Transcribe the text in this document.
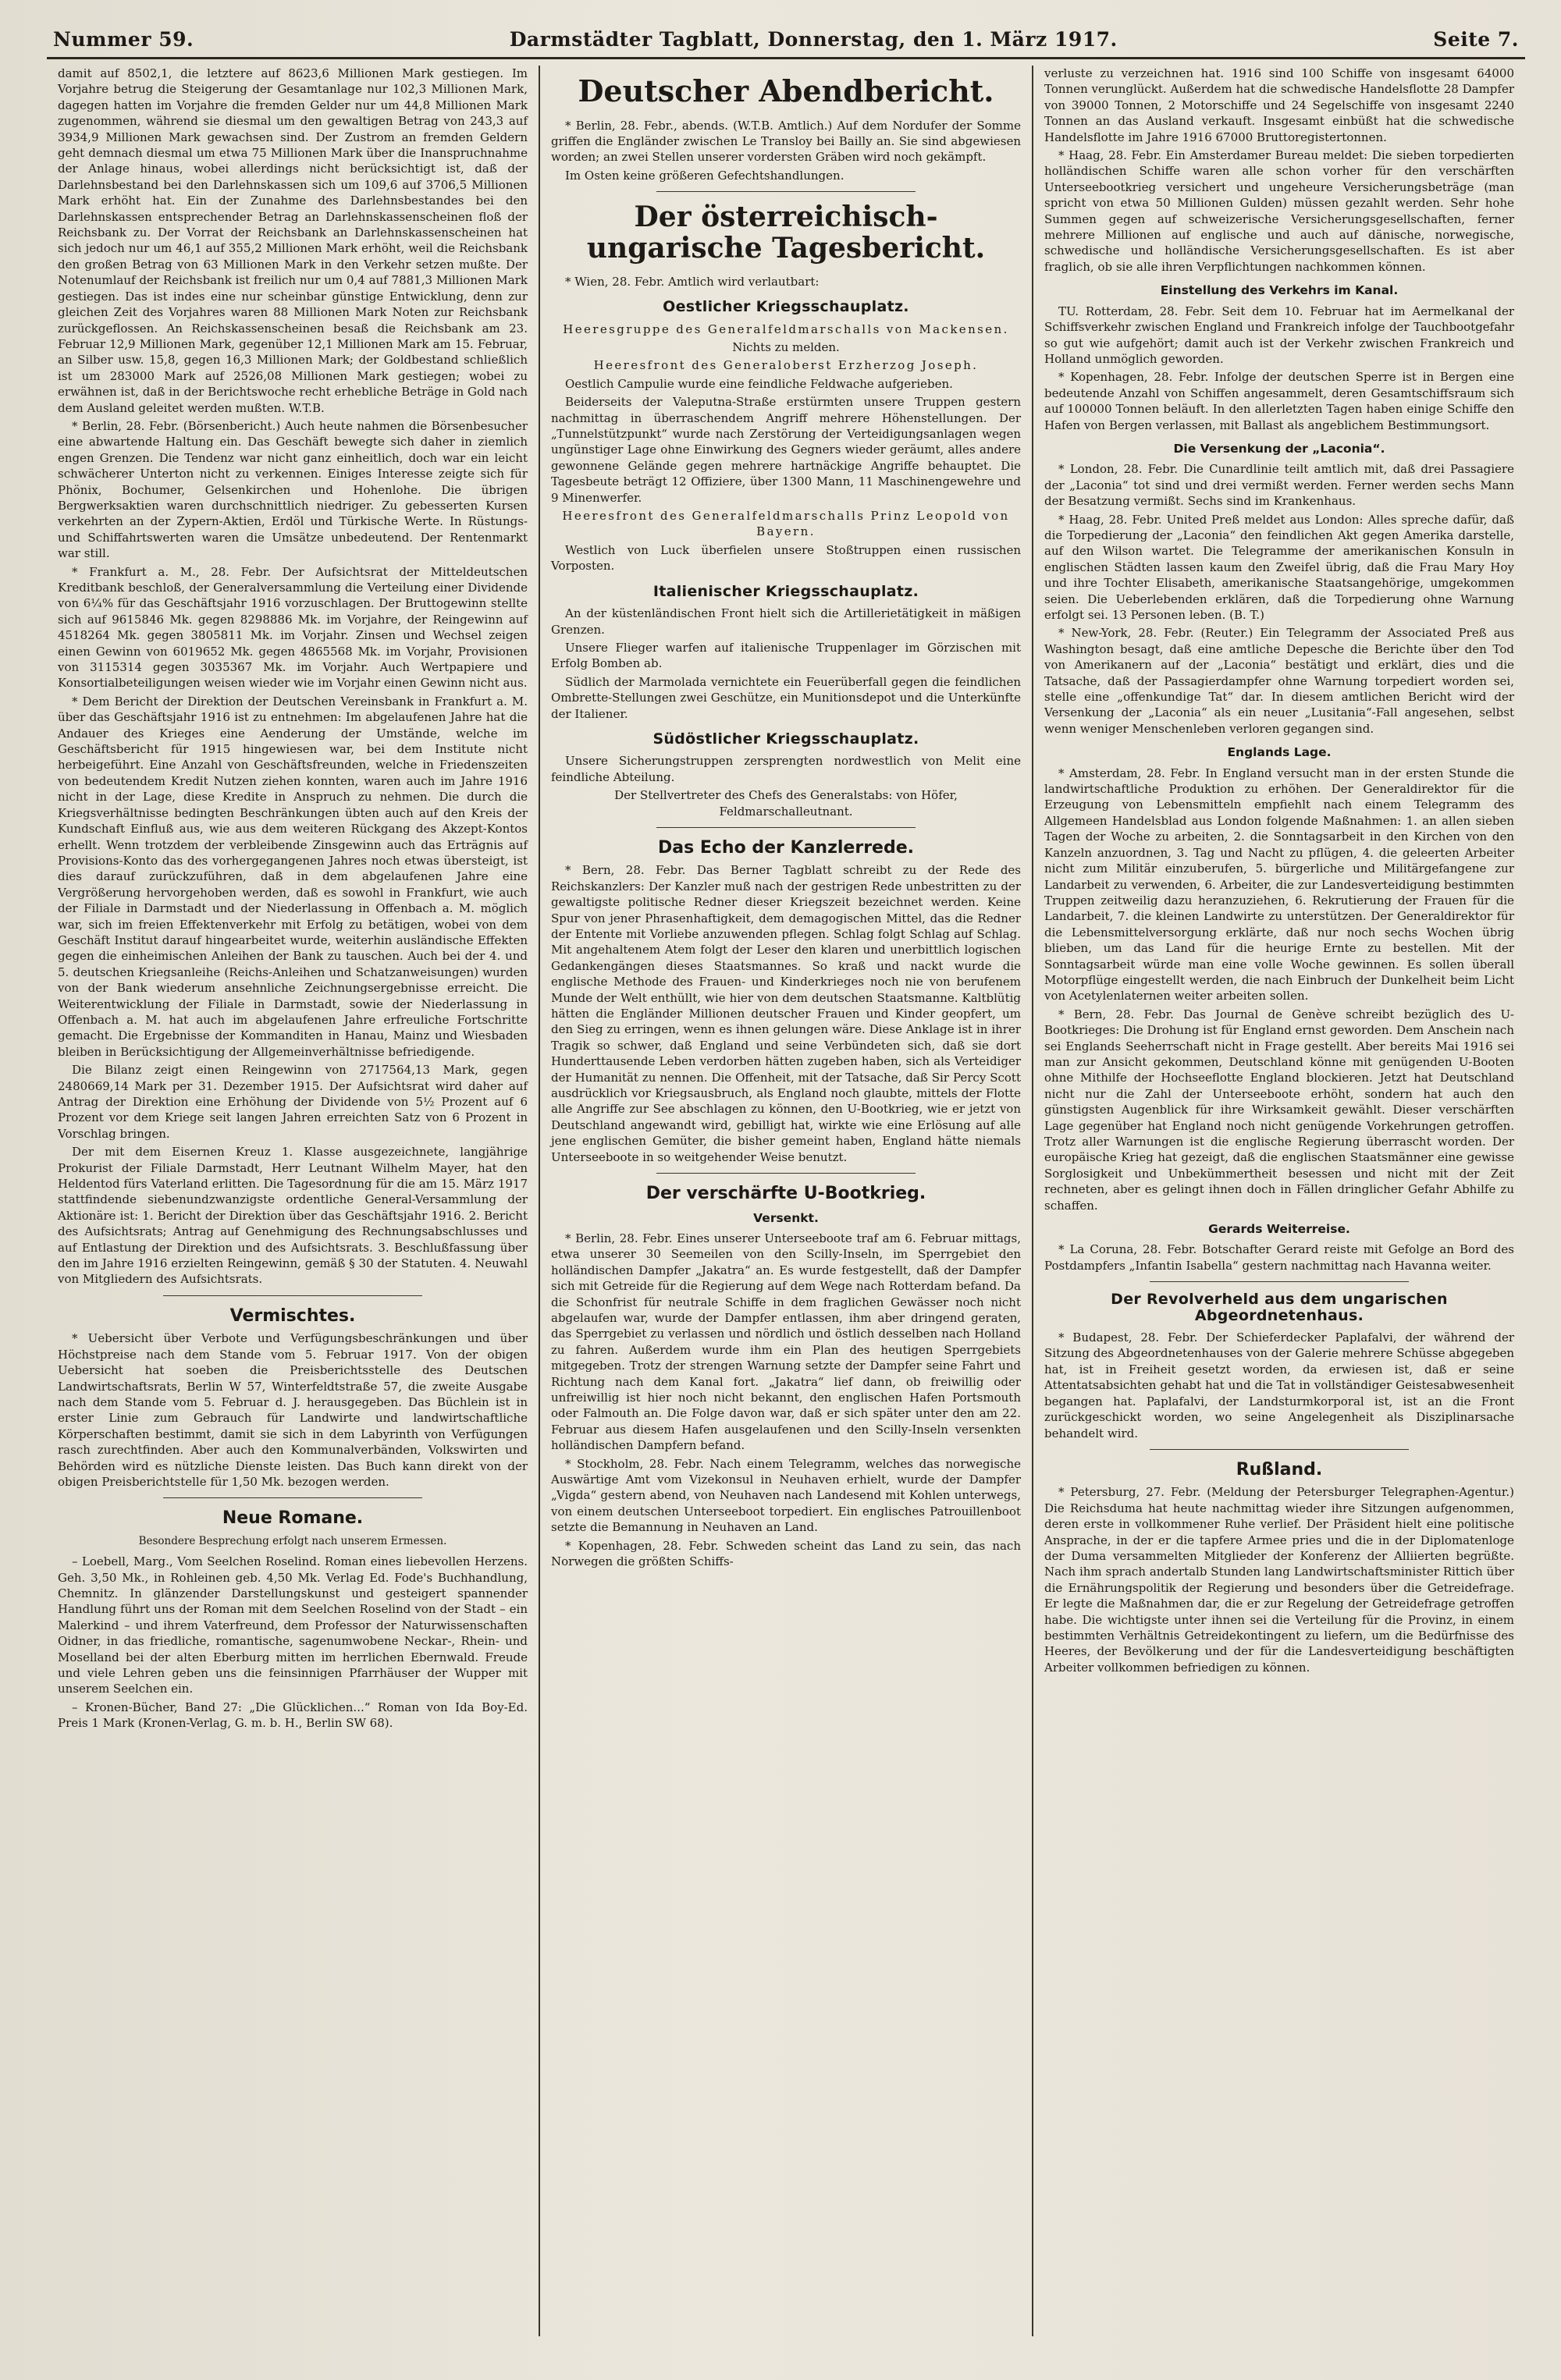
Nummer 59.	Darmstädter Tagblatt, Donnerstag, den 1. März 1917.	Seite 7.

damit auf 8502,1, die letztere auf 8623,6 Millionen Mark gestiegen. Im Vorjahre betrug die Steigerung der Gesamtanlage nur 102,3 Millionen Mark, dagegen hatten im Vorjahre die fremden Gelder nur um 44,8 Millionen Mark zugenommen, während sie diesmal um den gewaltigen Betrag von 243,3 auf 3934,9 Millionen Mark gewachsen sind. Der Zustrom an fremden Geldern geht demnach diesmal um etwa 75 Millionen Mark über die Inanspruchnahme der Anlage hinaus, wobei allerdings nicht berücksichtigt ist, daß der Darlehnsbestand bei den Darlehnskassen sich um 109,6 auf 3706,5 Millionen Mark erhöht hat. Ein der Zunahme des Darlehnsbestandes bei den Darlehnskassen entsprechender Betrag an Darlehnskassenscheinen floß der Reichsbank zu. Der Vorrat der Reichsbank an Darlehnskassenscheinen hat sich jedoch nur um 46,1 auf 355,2 Millionen Mark erhöht, weil die Reichsbank den großen Betrag von 63 Millionen Mark in den Verkehr setzen mußte. Der Notenumlauf der Reichsbank ist freilich nur um 0,4 auf 7881,3 Millionen Mark gestiegen. Das ist indes eine nur scheinbar günstige Entwicklung, denn zur gleichen Zeit des Vorjahres waren 88 Millionen Mark Noten zur Reichsbank zurückgeflossen. An Reichskassenscheinen besaß die Reichsbank am 23. Februar 12,9 Millionen Mark, gegenüber 12,1 Millionen Mark am 15. Februar, an Silber usw. 15,8, gegen 16,3 Millionen Mark; der Goldbestand schließlich ist um 283000 Mark auf 2526,08 Millionen Mark gestiegen; wobei zu erwähnen ist, daß in der Berichtswoche recht erhebliche Beträge in Gold nach dem Ausland geleitet werden mußten. W.T.B.

* Berlin, 28. Febr. (Börsenbericht.) Auch heute nahmen die Börsenbesucher eine abwartende Haltung ein. Das Geschäft bewegte sich daher in ziemlich engen Grenzen. Die Tendenz war nicht ganz einheitlich, doch war ein leicht schwächerer Unterton nicht zu verkennen. Einiges Interesse zeigte sich für Phönix, Bochumer, Gelsenkirchen und Hohenlohe. Die übrigen Bergwerksaktien waren durchschnittlich niedriger. Zu gebesserten Kursen verkehrten an der Zypern-Aktien, Erdöl und Türkische Werte. In Rüstungs- und Schiffahrtswerten waren die Umsätze unbedeutend. Der Rentenmarkt war still.

* Frankfurt a. M., 28. Febr. Der Aufsichtsrat der Mitteldeutschen Kreditbank beschloß, der Generalversammlung die Verteilung einer Dividende von 6¼% für das Geschäftsjahr 1916 vorzuschlagen. Der Bruttogewinn stellte sich auf 9615846 Mk. gegen 8298886 Mk. im Vorjahre, der Reingewinn auf 4518264 Mk. gegen 3805811 Mk. im Vorjahr. Zinsen und Wechsel zeigen einen Gewinn von 6019652 Mk. gegen 4865568 Mk. im Vorjahr, Provisionen von 3115314 gegen 3035367 Mk. im Vorjahr. Auch Wertpapiere und Konsortialbeteiligungen weisen wieder wie im Vorjahr einen Gewinn nicht aus.

* Dem Bericht der Direktion der Deutschen Vereinsbank in Frankfurt a. M. über das Geschäftsjahr 1916 ist zu entnehmen: Im abgelaufenen Jahre hat die Andauer des Krieges eine Aenderung der Umstände, welche im Geschäftsbericht für 1915 hingewiesen war, bei dem Institute nicht herbeigeführt. Eine Anzahl von Geschäftsfreunden, welche in Friedenszeiten von bedeutendem Kredit Nutzen ziehen konnten, waren auch im Jahre 1916 nicht in der Lage, diese Kredite in Anspruch zu nehmen. Die durch die Kriegsverhältnisse bedingten Beschränkungen übten auch auf den Kreis der Kundschaft Einfluß aus, wie aus dem weiteren Rückgang des Akzept-Kontos erhellt. Wenn trotzdem der verbleibende Zinsgewinn auch das Erträgnis auf Provisions-Konto das des vorhergegangenen Jahres noch etwas übersteigt, ist dies darauf zurückzuführen, daß in dem abgelaufenen Jahre eine Vergrößerung hervorgehoben werden, daß es sowohl in Frankfurt, wie auch der Filiale in Darmstadt und der Niederlassung in Offenbach a. M. möglich war, sich im freien Effektenverkehr mit Erfolg zu betätigen, wobei von dem Geschäft Institut darauf hingearbeitet wurde, weiterhin ausländische Effekten gegen die einheimischen Anleihen der Bank zu tauschen. Auch bei der 4. und 5. deutschen Kriegsanleihe (Reichs-Anleihen und Schatzanweisungen) wurden von der Bank wiederum ansehnliche Zeichnungsergebnisse erreicht. Die Weiterentwicklung der Filiale in Darmstadt, sowie der Niederlassung in Offenbach a. M. hat auch im abgelaufenen Jahre erfreuliche Fortschritte gemacht. Die Ergebnisse der Kommanditen in Hanau, Mainz und Wiesbaden bleiben in Berücksichtigung der Allgemeinverhältnisse befriedigende.

Die Bilanz zeigt einen Reingewinn von 2717564,13 Mark, gegen 2480669,14 Mark per 31. Dezember 1915. Der Aufsichtsrat wird daher auf Antrag der Direktion eine Erhöhung der Dividende von 5½ Prozent auf 6 Prozent vor dem Kriege seit langen Jahren erreichten Satz von 6 Prozent in Vorschlag bringen.

Der mit dem Eisernen Kreuz 1. Klasse ausgezeichnete, langjährige Prokurist der Filiale Darmstadt, Herr Leutnant Wilhelm Mayer, hat den Heldentod fürs Vaterland erlitten. Die Tagesordnung für die am 15. März 1917 stattfindende siebenundzwanzigste ordentliche General-Versammlung der Aktionäre ist: 1. Bericht der Direktion über das Geschäftsjahr 1916. 2. Bericht des Aufsichtsrats; Antrag auf Genehmigung des Rechnungsabschlusses und auf Entlastung der Direktion und des Aufsichtsrats. 3. Beschlußfassung über den im Jahre 1916 erzielten Reingewinn, gemäß § 30 der Statuten. 4. Neuwahl von Mitgliedern des Aufsichtsrats.

Vermischtes.

* Uebersicht über Verbote und Verfügungsbeschränkungen und über Höchstpreise nach dem Stande vom 5. Februar 1917. Von der obigen Uebersicht hat soeben die Preisberichtsstelle des Deutschen Landwirtschaftsrats, Berlin W 57, Winterfeldtstraße 57, die zweite Ausgabe nach dem Stande vom 5. Februar d. J. herausgegeben. Das Büchlein ist in erster Linie zum Gebrauch für Landwirte und landwirtschaftliche Körperschaften bestimmt, damit sie sich in dem Labyrinth von Verfügungen rasch zurechtfinden. Aber auch den Kommunalverbänden, Volkswirten und Behörden wird es nützliche Dienste leisten. Das Buch kann direkt von der obigen Preisberichtstelle für 1,50 Mk. bezogen werden.

Neue Romane.
Besondere Besprechung erfolgt nach unserem Ermessen.

– Loebell, Marg., Vom Seelchen Roselind. Roman eines liebevollen Herzens. Geh. 3,50 Mk., in Rohleinen geb. 4,50 Mk. Verlag Ed. Fode's Buchhandlung, Chemnitz. In glänzender Darstellungskunst und gesteigert spannender Handlung führt uns der Roman mit dem Seelchen Roselind von der Stadt – ein Malerkind – und ihrem Vaterfreund, dem Professor der Naturwissenschaften Oidner, in das friedliche, romantische, sagenumwobene Neckar-, Rhein- und Moselland bei der alten Eberburg mitten im herrlichen Ebernwald. Freude und viele Lehren geben uns die feinsinnigen Pfarrhäuser der Wupper mit unserem Seelchen ein.

– Kronen-Bücher, Band 27: „Die Glücklichen...“ Roman von Ida Boy-Ed. Preis 1 Mark (Kronen-Verlag, G. m. b. H., Berlin SW 68).

Deutscher Abendbericht.

* Berlin, 28. Febr., abends. (W.T.B. Amtlich.) Auf dem Nordufer der Somme griffen die Engländer zwischen Le Transloy bei Bailly an. Sie sind abgewiesen worden; an zwei Stellen unserer vordersten Gräben wird noch gekämpft.

Im Osten keine größeren Gefechtshandlungen.

Der österreichisch-ungarische Tagesbericht.

* Wien, 28. Febr. Amtlich wird verlautbart:

Oestlicher Kriegsschauplatz.

Heeresgruppe des Generalfeldmarschalls von Mackensen.

Nichts zu melden.

Heeresfront des Generaloberst Erzherzog Joseph.

Oestlich Campulie wurde eine feindliche Feldwache aufgerieben.

Beiderseits der Valeputna-Straße erstürmten unsere Truppen gestern nachmittag in überraschendem Angriff mehrere Höhenstellungen. Der „Tunnelstützpunkt“ wurde nach Zerstörung der Verteidigungsanlagen wegen ungünstiger Lage ohne Einwirkung des Gegners wieder geräumt, alles andere gewonnene Gelände gegen mehrere hartnäckige Angriffe behauptet. Die Tagesbeute beträgt 12 Offiziere, über 1300 Mann, 11 Maschinengewehre und 9 Minenwerfer.

Heeresfront des Generalfeldmarschalls Prinz Leopold von Bayern.

Westlich von Luck überfielen unsere Stoßtruppen einen russischen Vorposten.

Italienischer Kriegsschauplatz.

An der küstenländischen Front hielt sich die Artillerietätigkeit in mäßigen Grenzen.

Unsere Flieger warfen auf italienische Truppenlager im Görzischen mit Erfolg Bomben ab.

Südlich der Marmolada vernichtete ein Feuerüberfall gegen die feindlichen Ombrette-Stellungen zwei Geschütze, ein Munitionsdepot und die Unterkünfte der Italiener.

Südöstlicher Kriegsschauplatz.

Unsere Sicherungstruppen zersprengten nordwestlich von Melit eine feindliche Abteilung.

Der Stellvertreter des Chefs des Generalstabs: von Höfer, Feldmarschalleutnant.

Das Echo der Kanzlerrede.

* Bern, 28. Febr. Das Berner Tagblatt schreibt zu der Rede des Reichskanzlers: Der Kanzler muß nach der gestrigen Rede unbestritten zu der gewaltigste politische Redner dieser Kriegszeit bezeichnet werden. Keine Spur von jener Phrasenhaftigkeit, dem demagogischen Mittel, das die Redner der Entente mit Vorliebe anzuwenden pflegen. Schlag folgt Schlag auf Schlag. Mit angehaltenem Atem folgt der Leser den klaren und unerbittlich logischen Gedankengängen dieses Staatsmannes. So kraß und nackt wurde die englische Methode des Frauen- und Kinderkrieges noch nie von berufenem Munde der Welt enthüllt, wie hier von dem deutschen Staatsmanne. Kaltblütig hätten die Engländer Millionen deutscher Frauen und Kinder geopfert, um den Sieg zu erringen, wenn es ihnen gelungen wäre. Diese Anklage ist in ihrer Tragik so schwer, daß England und seine Verbündeten sich, daß sie dort Hunderttausende Leben verdorben hätten zugeben haben, sich als Verteidiger der Humanität zu nennen. Die Offenheit, mit der Tatsache, daß Sir Percy Scott ausdrücklich vor Kriegsausbruch, als England noch glaubte, mittels der Flotte alle Angriffe zur See abschlagen zu können, den U-Bootkrieg, wie er jetzt von Deutschland angewandt wird, gebilligt hat, wirkte wie eine Erlösung auf alle jene englischen Gemüter, die bisher gemeint haben, England hätte niemals Unterseeboote in so weitgehender Weise benutzt.

Der verschärfte U-Bootkrieg.
Versenkt.

* Berlin, 28. Febr. Eines unserer Unterseeboote traf am 6. Februar mittags, etwa unserer 30 Seemeilen von den Scilly-Inseln, im Sperrgebiet den holländischen Dampfer „Jakatra“ an. Es wurde festgestellt, daß der Dampfer sich mit Getreide für die Regierung auf dem Wege nach Rotterdam befand. Da die Schonfrist für neutrale Schiffe in dem fraglichen Gewässer noch nicht abgelaufen war, wurde der Dampfer entlassen, ihm aber dringend geraten, das Sperrgebiet zu verlassen und nördlich und östlich desselben nach Holland zu fahren. Außerdem wurde ihm ein Plan des heutigen Sperrgebiets mitgegeben. Trotz der strengen Warnung setzte der Dampfer seine Fahrt und Richtung nach dem Kanal fort. „Jakatra“ lief dann, ob freiwillig oder unfreiwillig ist hier noch nicht bekannt, den englischen Hafen Portsmouth oder Falmouth an. Die Folge davon war, daß er sich später unter den am 22. Februar aus diesem Hafen ausgelaufenen und den Scilly-Inseln versenkten holländischen Dampfern befand.

* Stockholm, 28. Febr. Nach einem Telegramm, welches das norwegische Auswärtige Amt vom Vizekonsul in Neuhaven erhielt, wurde der Dampfer „Vigda“ gestern abend, von Neuhaven nach Landesend mit Kohlen unterwegs, von einem deutschen Unterseeboot torpediert. Ein englisches Patrouillenboot setzte die Bemannung in Neuhaven an Land.

* Kopenhagen, 28. Febr. Schweden scheint das Land zu sein, das nach Norwegen die größten Schiffs-

verluste zu verzeichnen hat. 1916 sind 100 Schiffe von insgesamt 64000 Tonnen verunglückt. Außerdem hat die schwedische Handelsflotte 28 Dampfer von 39000 Tonnen, 2 Motorschiffe und 24 Segelschiffe von insgesamt 2240 Tonnen an das Ausland verkauft. Insgesamt einbüßt hat die schwedische Handelsflotte im Jahre 1916 67000 Bruttoregistertonnen.

* Haag, 28. Febr. Ein Amsterdamer Bureau meldet: Die sieben torpedierten holländischen Schiffe waren alle schon vorher für den verschärften Unterseebootkrieg versichert und ungeheure Versicherungsbeträge (man spricht von etwa 50 Millionen Gulden) müssen gezahlt werden. Sehr hohe Summen gegen auf schweizerische Versicherungsgesellschaften, ferner mehrere Millionen auf englische und auch auf dänische, norwegische, schwedische und holländische Versicherungsgesellschaften. Es ist aber fraglich, ob sie alle ihren Verpflichtungen nachkommen können.

Einstellung des Verkehrs im Kanal.

TU. Rotterdam, 28. Febr. Seit dem 10. Februar hat im Aermelkanal der Schiffsverkehr zwischen England und Frankreich infolge der Tauchbootgefahr so gut wie aufgehört; damit auch ist der Verkehr zwischen Frankreich und Holland unmöglich geworden.

* Kopenhagen, 28. Febr. Infolge der deutschen Sperre ist in Bergen eine bedeutende Anzahl von Schiffen angesammelt, deren Gesamtschiffsraum sich auf 100000 Tonnen beläuft. In den allerletzten Tagen haben einige Schiffe den Hafen von Bergen verlassen, mit Ballast als angeblichem Bestimmungsort.

Die Versenkung der „Laconia“.

* London, 28. Febr. Die Cunardlinie teilt amtlich mit, daß drei Passagiere der „Laconia“ tot sind und drei vermißt werden. Ferner werden sechs Mann der Besatzung vermißt. Sechs sind im Krankenhaus.

* Haag, 28. Febr. United Preß meldet aus London: Alles spreche dafür, daß die Torpedierung der „Laconia“ den feindlichen Akt gegen Amerika darstelle, auf den Wilson wartet. Die Telegramme der amerikanischen Konsuln in englischen Städten lassen kaum den Zweifel übrig, daß die Frau Mary Hoy und ihre Tochter Elisabeth, amerikanische Staatsangehörige, umgekommen seien. Die Ueberlebenden erklären, daß die Torpedierung ohne Warnung erfolgt sei. 13 Personen leben. (B. T.)

* New-York, 28. Febr. (Reuter.) Ein Telegramm der Associated Preß aus Washington besagt, daß eine amtliche Depesche die Berichte über den Tod von Amerikanern auf der „Laconia“ bestätigt und erklärt, dies und die Tatsache, daß der Passagierdampfer ohne Warnung torpediert worden sei, stelle eine „offenkundige Tat“ dar. In diesem amtlichen Bericht wird der Versenkung der „Laconia“ als ein neuer „Lusitania“-Fall angesehen, selbst wenn weniger Menschenleben verloren gegangen sind.

Englands Lage.

* Amsterdam, 28. Febr. In England versucht man in der ersten Stunde die landwirtschaftliche Produktion zu erhöhen. Der Generaldirektor für die Erzeugung von Lebensmitteln empfiehlt nach einem Telegramm des Allgemeen Handelsblad aus London folgende Maßnahmen: 1. an allen sieben Tagen der Woche zu arbeiten, 2. die Sonntagsarbeit in den Kirchen von den Kanzeln anzuordnen, 3. Tag und Nacht zu pflügen, 4. die geleerten Arbeiter nicht zum Militär einzuberufen, 5. bürgerliche und Militärgefangene zur Landarbeit zu verwenden, 6. Arbeiter, die zur Landesverteidigung bestimmten Truppen zeitweilig dazu heranzuziehen, 6. Rekrutierung der Frauen für die Landarbeit, 7. die kleinen Landwirte zu unterstützen. Der Generaldirektor für die Lebensmittelversorgung erklärte, daß nur noch sechs Wochen übrig blieben, um das Land für die heurige Ernte zu bestellen. Mit der Sonntagsarbeit würde man eine volle Woche gewinnen. Es sollen überall Motorpflüge eingestellt werden, die nach Einbruch der Dunkelheit beim Licht von Acetylenlaternen weiter arbeiten sollen.

* Bern, 28. Febr. Das Journal de Genève schreibt bezüglich des U-Bootkrieges: Die Drohung ist für England ernst geworden. Dem Anschein nach sei Englands Seeherrschaft nicht in Frage gestellt. Aber bereits Mai 1916 sei man zur Ansicht gekommen, Deutschland könne mit genügenden U-Booten ohne Mithilfe der Hochseeflotte England blockieren. Jetzt hat Deutschland nicht nur die Zahl der Unterseeboote erhöht, sondern hat auch den günstigsten Augenblick für ihre Wirksamkeit gewählt. Dieser verschärften Lage gegenüber hat England noch nicht genügende Vorkehrungen getroffen. Trotz aller Warnungen ist die englische Regierung überrascht worden. Der europäische Krieg hat gezeigt, daß die englischen Staatsmänner eine gewisse Sorglosigkeit und Unbekümmertheit besessen und nicht mit der Zeit rechneten, aber es gelingt ihnen doch in Fällen dringlicher Gefahr Abhilfe zu schaffen.

Gerards Weiterreise.

* La Coruna, 28. Febr. Botschafter Gerard reiste mit Gefolge an Bord des Postdampfers „Infantin Isabella“ gestern nachmittag nach Havanna weiter.

Der Revolverheld aus dem ungarischen Abgeordnetenhaus.

* Budapest, 28. Febr. Der Schieferdecker Paplafalvi, der während der Sitzung des Abgeordnetenhauses von der Galerie mehrere Schüsse abgegeben hat, ist in Freiheit gesetzt worden, da erwiesen ist, daß er seine Attentatsabsichten gehabt hat und die Tat in vollständiger Geistesabwesenheit begangen hat. Paplafalvi, der Landsturmkorporal ist, ist an die Front zurückgeschickt worden, wo seine Angelegenheit als Disziplinarsache behandelt wird.

Rußland.

* Petersburg, 27. Febr. (Meldung der Petersburger Telegraphen-Agentur.) Die Reichsduma hat heute nachmittag wieder ihre Sitzungen aufgenommen, deren erste in vollkommener Ruhe verlief. Der Präsident hielt eine politische Ansprache, in der er die tapfere Armee pries und die in der Diplomatenloge der Duma versammelten Mitglieder der Konferenz der Alliierten begrüßte. Nach ihm sprach andertalb Stunden lang Landwirtschaftsminister Rittich über die Ernährungspolitik der Regierung und besonders über die Getreidefrage. Er legte die Maßnahmen dar, die er zur Regelung der Getreidefrage getroffen habe. Die wichtigste unter ihnen sei die Verteilung für die Provinz, in einem bestimmten Verhältnis Getreidekontingent zu liefern, um die Bedürfnisse des Heeres, der Bevölkerung und der für die Landesverteidigung beschäftigten Arbeiter vollkommen befriedigen zu können.
